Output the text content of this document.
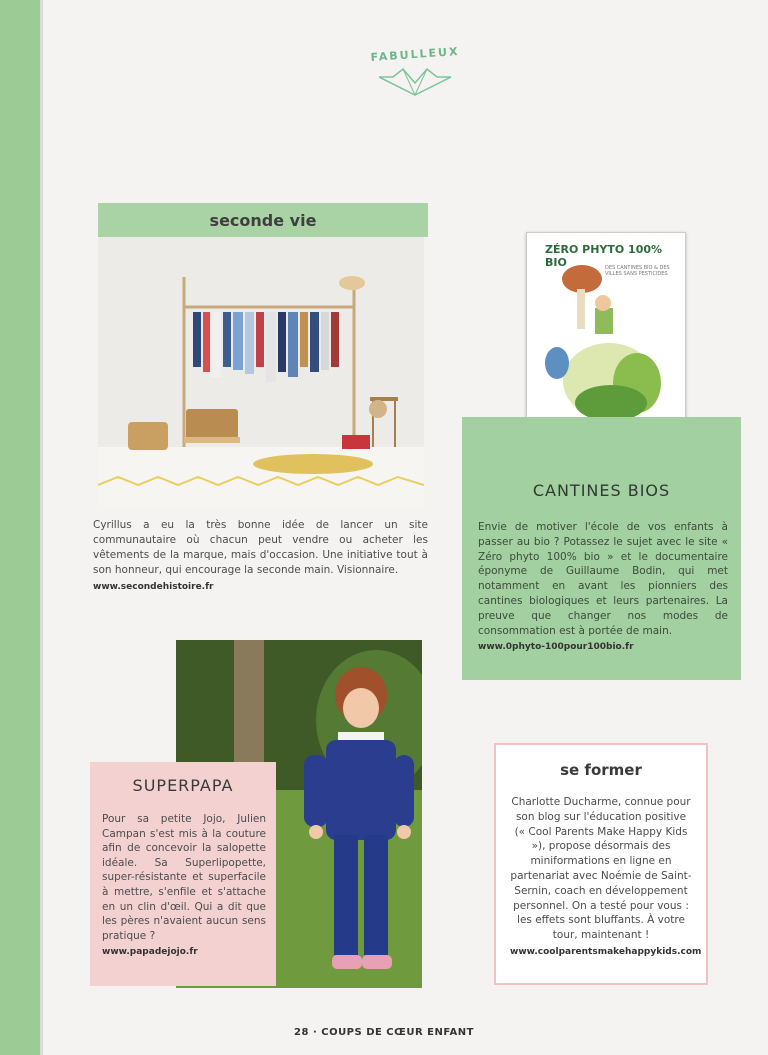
FABULLEUX
seconde vie
Cyrillus a eu la très bonne idée de lancer un site communautaire où chacun peut vendre ou acheter les vêtements de la marque, mais d'occasion. Une initiative tout à son honneur, qui encourage la seconde main. Visionnaire.
www.secondehistoire.fr
ZÉRO PHYTO 100% BIO	DES CANTINES BIO & DES VILLES SANS PESTICIDES
CANTINES BIOS
Envie de motiver l'école de vos enfants à passer au bio ? Potassez le sujet avec le site « Zéro phyto 100% bio » et le documentaire éponyme de Guillaume Bodin, qui met notamment en avant les pionniers des cantines biologiques et leurs partenaires. La preuve que changer nos modes de consommation est à portée de main.
www.0phyto-100pour100bio.fr
SUPERPAPA
Pour sa petite Jojo, Julien Campan s'est mis à la couture afin de concevoir la salopette idéale. Sa Superlipopette, super-résistante et superfacile à mettre, s'enfile et s'attache en un clin d'œil. Qui a dit que les pères n'avaient aucun sens pratique ?
www.papadejojo.fr
se former
Charlotte Ducharme, connue pour son blog sur l'éducation positive (« Cool Parents Make Happy Kids »), propose désormais des miniformations en ligne en partenariat avec Noémie de Saint-Sernin, coach en développement personnel. On a testé pour vous : les effets sont bluffants. À votre tour, maintenant !
www.coolparentsmakehappykids.com
28 · COUPS DE CŒUR ENFANT
